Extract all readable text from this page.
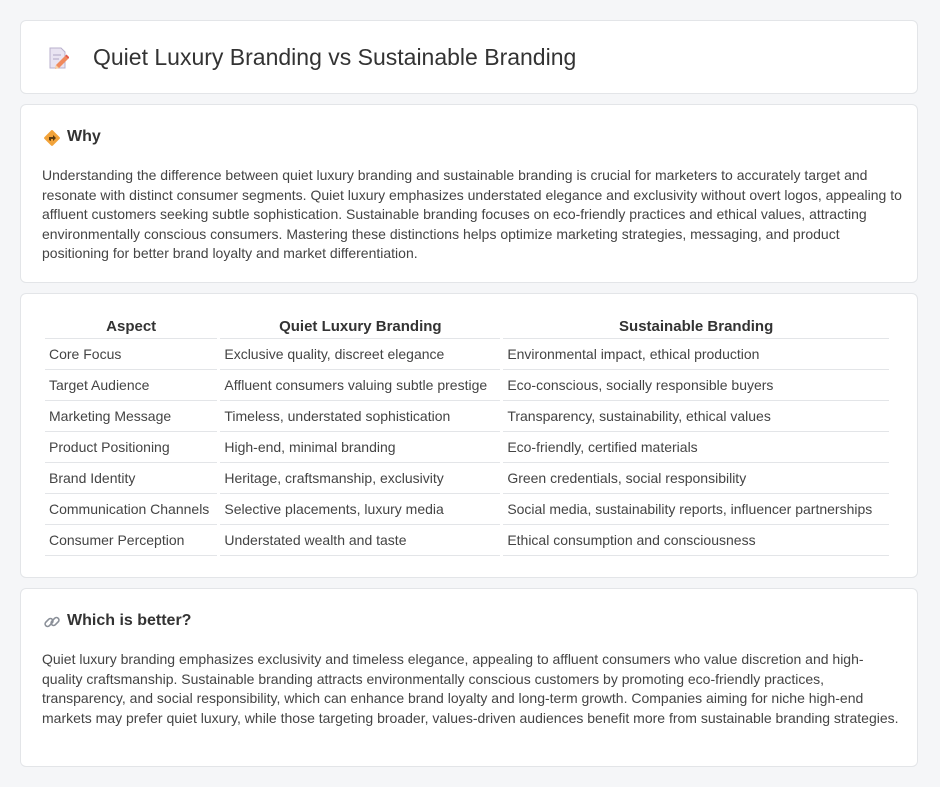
Quiet Luxury Branding vs Sustainable Branding
Why

Understanding the difference between quiet luxury branding and sustainable branding is crucial for marketers to accurately target and resonate with distinct consumer segments. Quiet luxury emphasizes understated elegance and exclusivity without overt logos, appealing to affluent customers seeking subtle sophistication. Sustainable branding focuses on eco-friendly practices and ethical values, attracting environmentally conscious consumers. Mastering these distinctions helps optimize marketing strategies, messaging, and product positioning for better brand loyalty and market differentiation.

Aspect	Quiet Luxury Branding	Sustainable Branding
Core Focus	Exclusive quality, discreet elegance	Environmental impact, ethical production
Target Audience	Affluent consumers valuing subtle prestige	Eco-conscious, socially responsible buyers
Marketing Message	Timeless, understated sophistication	Transparency, sustainability, ethical values
Product Positioning	High-end, minimal branding	Eco-friendly, certified materials
Brand Identity	Heritage, craftsmanship, exclusivity	Green credentials, social responsibility
Communication Channels	Selective placements, luxury media	Social media, sustainability reports, influencer partnerships
Consumer Perception	Understated wealth and taste	Ethical consumption and consciousness
Which is better?

Quiet luxury branding emphasizes exclusivity and timeless elegance, appealing to affluent consumers who value discretion and high-quality craftsmanship. Sustainable branding attracts environmentally conscious customers by promoting eco-friendly practices, transparency, and social responsibility, which can enhance brand loyalty and long-term growth. Companies aiming for niche high-end markets may prefer quiet luxury, while those targeting broader, values-driven audiences benefit more from sustainable branding strategies.
